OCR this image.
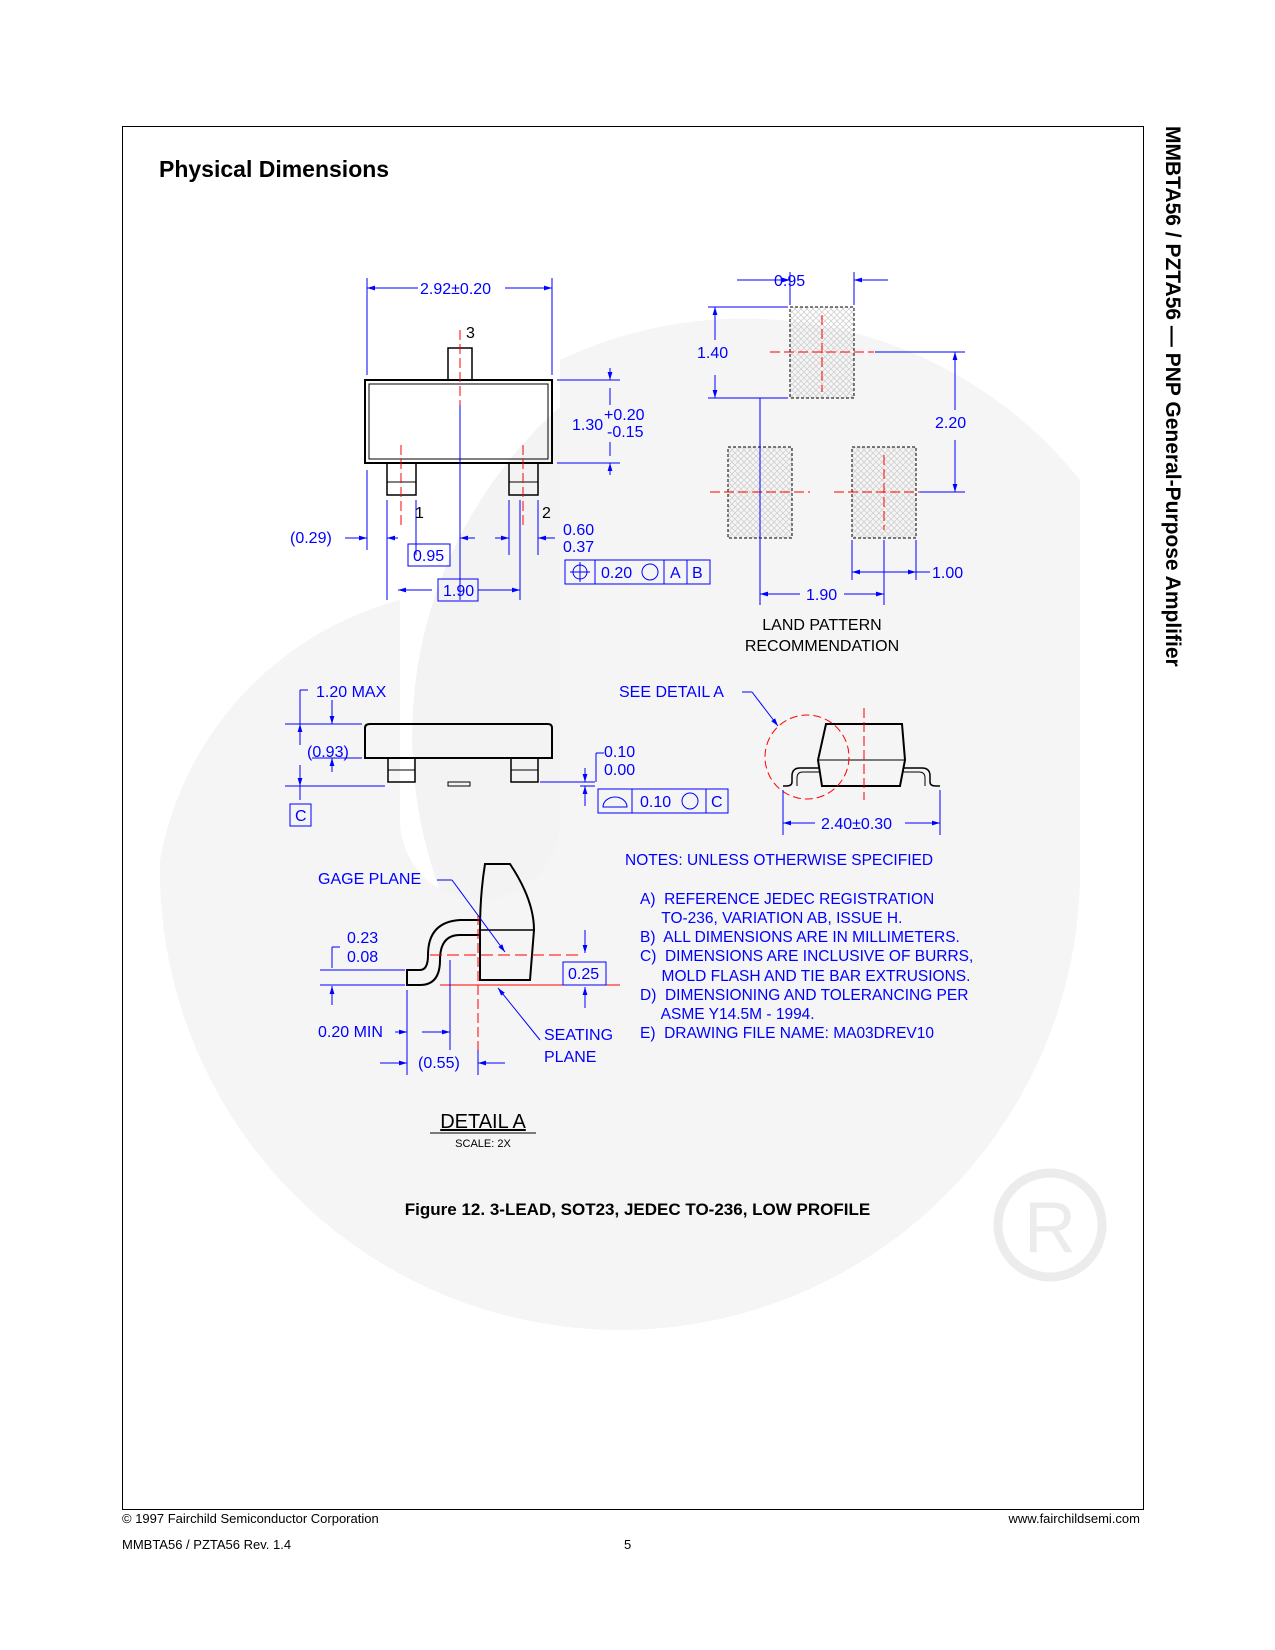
R
Physical Dimensions	MMBTA56 / PZTA56 — PNP General-Purpose Amplifier
2.92±0.20
3
1	2
1.30
+0.20
-0.15
(0.29)
0.95
1.90
0.60
0.37
0.20 A B
0.95
1.40
2.20
1.90
1.00
LAND PATTERN
RECOMMENDATION
1.20 MAX
(0.93)	0.10
0.00
C
0.10 C
SEE DETAIL A
2.40±0.30
GAGE PLANE
0.23
0.08
0.25
0.20 MIN
(0.55)
SEATING
PLANE
DETAIL A
SCALE: 2X
NOTES: UNLESS OTHERWISE SPECIFIED
A)  REFERENCE JEDEC REGISTRATION
TO-236, VARIATION AB, ISSUE H.
B)  ALL DIMENSIONS ARE IN MILLIMETERS.
C)  DIMENSIONS ARE INCLUSIVE OF BURRS,
MOLD FLASH AND TIE BAR EXTRUSIONS.
D)  DIMENSIONING AND TOLERANCING PER
ASME Y14.5M - 1994.
E)  DRAWING FILE NAME: MA03DREV10
Figure 12. 3-LEAD, SOT23, JEDEC TO-236, LOW PROFILE
© 1997 Fairchild Semiconductor Corporation
MMBTA56 / PZTA56 Rev. 1.4	5
www.fairchildsemi.com
